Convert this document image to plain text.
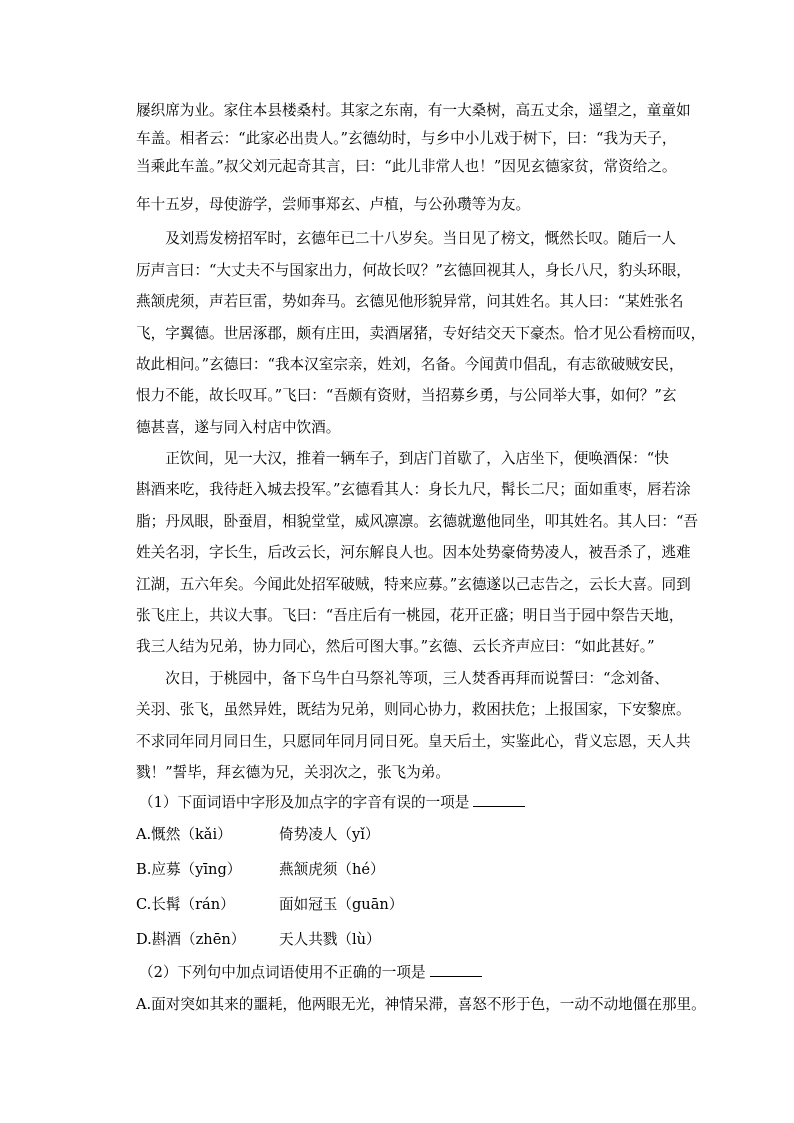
屦织席为业。家住本县楼桑村。其家之东南，有一大桑树，高五丈余，遥望之，童童如
车盖。相者云：“此家必出贵人。”玄德幼时，与乡中小儿戏于树下，曰：“我为天子，
当乘此车盖。”叔父刘元起奇其言，曰：“此儿非常人也！”因见玄德家贫，常资给之。
年十五岁，母使游学，尝师事郑玄、卢植，与公孙瓒等为友。
　　及刘焉发榜招军时，玄德年已二十八岁矣。当日见了榜文，慨然长叹。随后一人
厉声言曰：“大丈夫不与国家出力，何故长叹？”玄德回视其人，身长八尺，豹头环眼，
燕颔虎须，声若巨雷，势如奔马。玄德见他形貌异常，问其姓名。其人曰：“某姓张名
飞，字翼德。世居涿郡，颇有庄田，卖酒屠猪，专好结交天下豪杰。恰才见公看榜而叹，
故此相问。”玄德曰：“我本汉室宗亲，姓刘，名备。今闻黄巾倡乱，有志欲破贼安民，
恨力不能，故长叹耳。”飞曰：“吾颇有资财，当招募乡勇，与公同举大事，如何？”玄
德甚喜，遂与同入村店中饮酒。
　　正饮间，见一大汉，推着一辆车子，到店门首歇了，入店坐下，便唤酒保：“快
斟酒来吃，我待赶入城去投军。”玄德看其人：身长九尺，髯长二尺；面如重枣，唇若涂
脂；丹凤眼，卧蚕眉，相貌堂堂，威风凛凛。玄德就邀他同坐，叩其姓名。其人曰：“吾
姓关名羽，字长生，后改云长，河东解良人也。因本处势豪倚势凌人，被吾杀了，逃难
江湖，五六年矣。今闻此处招军破贼，特来应募。”玄德遂以己志告之，云长大喜。同到
张飞庄上，共议大事。飞曰：“吾庄后有一桃园，花开正盛；明日当于园中祭告天地，
我三人结为兄弟，协力同心，然后可图大事。”玄德、云长齐声应曰：“如此甚好。”
　　次日，于桃园中，备下乌牛白马祭礼等项，三人焚香再拜而说誓曰：“念刘备、
关羽、张飞，虽然异姓，既结为兄弟，则同心协力，救困扶危；上报国家，下安黎庶。
不求同年同月同日生，只愿同年同月同日死。皇天后土，实鉴此心，背义忘恩，天人共
戮！”誓毕，拜玄德为兄，关羽次之，张飞为弟。
（1）下面词语中字形及加点字的字音有误的一项是
A.慨然（kǎi）	倚势凌人（yǐ）
B.应募（yīng）	燕颔虎须（hé）
C.长髯（rán）	面如冠玉（guān）
D.斟酒（zhēn） 天人共戮（lù）
（2）下列句中加点词语使用不正确的一项是
A.面对突如其来的噩耗，他两眼无光，神情呆滞，喜怒不形于色，一动不动地僵在那里。
